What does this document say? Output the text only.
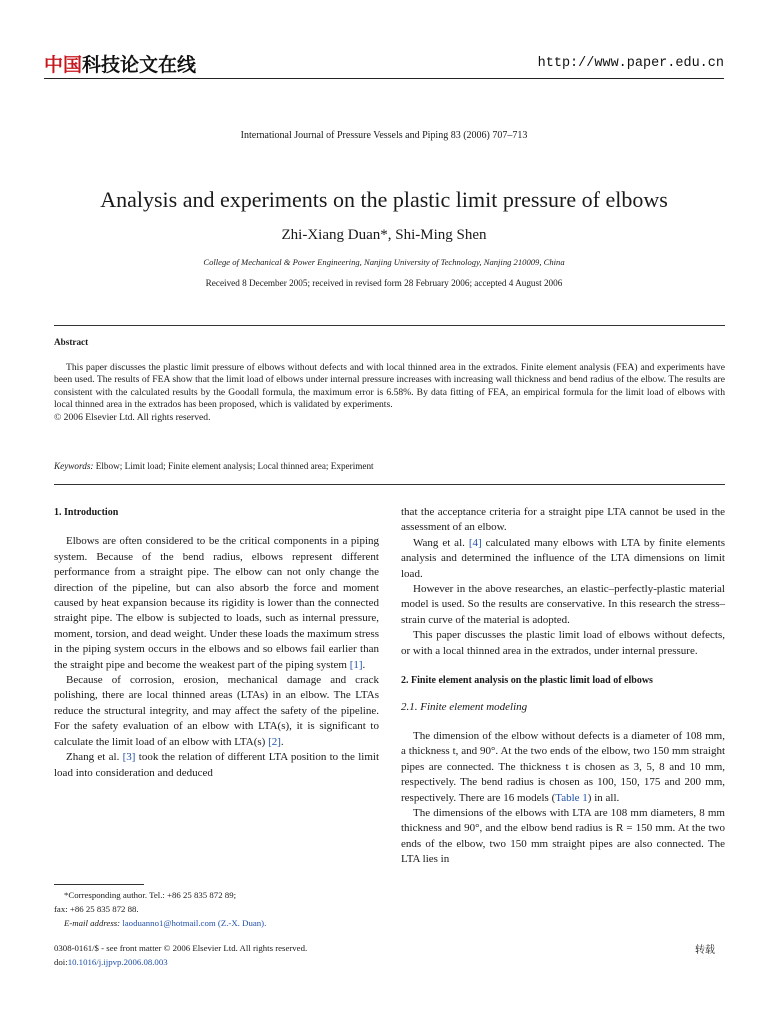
中国科技论文在线	http://www.paper.edu.cn
International Journal of Pressure Vessels and Piping 83 (2006) 707–713
Analysis and experiments on the plastic limit pressure of elbows
Zhi-Xiang Duan*, Shi-Ming Shen
College of Mechanical & Power Engineering, Nanjing University of Technology, Nanjing 210009, China
Received 8 December 2005; received in revised form 28 February 2006; accepted 4 August 2006
Abstract

This paper discusses the plastic limit pressure of elbows without defects and with local thinned area in the extrados. Finite element analysis (FEA) and experiments have been used. The results of FEA show that the limit load of elbows under internal pressure increases with increasing wall thickness and bend radius of the elbow. The results are consistent with the calculated results by the Goodall formula, the maximum error is 6.58%. By data fitting of FEA, an empirical formula for the limit load of elbows with local thinned area in the extrados has been proposed, which is validated by experiments.

© 2006 Elsevier Ltd. All rights reserved.

Keywords: Elbow; Limit load; Finite element analysis; Local thinned area; Experiment

1. Introduction

Elbows are often considered to be the critical components in a piping system. Because of the bend radius, elbows represent different performance from a straight pipe. The elbow can not only change the direction of the pipeline, but can also absorb the force and moment caused by heat expansion because its rigidity is lower than the connected straight pipe. The elbow is subjected to loads, such as internal pressure, moment, torsion, and dead weight. Under these loads the maximum stress in the piping system occurs in the elbows and so elbows fail earlier than the straight pipe and become the weakest part of the piping system [1].

Because of corrosion, erosion, mechanical damage and crack polishing, there are local thinned areas (LTAs) in an elbow. The LTAs reduce the structural integrity, and may affect the safety of the pipeline. For the safety evaluation of an elbow with LTA(s), it is significant to calculate the limit load of an elbow with LTA(s) [2].

Zhang et al. [3] took the relation of different LTA position to the limit load into consideration and deduced

*Corresponding author. Tel.: +86 25 835 872 89;
fax: +86 25 835 872 88.
E-mail address: laoduanno1@hotmail.com (Z.-X. Duan).
0308-0161/$ - see front matter © 2006 Elsevier Ltd. All rights reserved.
doi:10.1016/j.ijpvp.2006.08.003
转载

that the acceptance criteria for a straight pipe LTA cannot be used in the assessment of an elbow.

Wang et al. [4] calculated many elbows with LTA by finite elements analysis and determined the influence of the LTA dimensions on limit load.

However in the above researches, an elastic–perfectly-plastic material model is used. So the results are conservative. In this research the stress–strain curve of the material is adopted.

This paper discusses the plastic limit load of elbows without defects, or with a local thinned area in the extrados, under internal pressure.

2. Finite element analysis on the plastic limit load of elbows

2.1. Finite element modeling

The dimension of the elbow without defects is a diameter of 108 mm, a thickness t, and 90°. At the two ends of the elbow, two 150 mm straight pipes are connected. The thickness t is chosen as 3, 5, 8 and 10 mm, respectively. The bend radius is chosen as 100, 150, 175 and 200 mm, respectively. There are 16 models (Table 1) in all.

The dimensions of the elbows with LTA are 108 mm diameters, 8 mm thickness and 90°, and the elbow bend radius is R = 150 mm. At the two ends of the elbow, two 150 mm straight pipes are also connected. The LTA lies in
